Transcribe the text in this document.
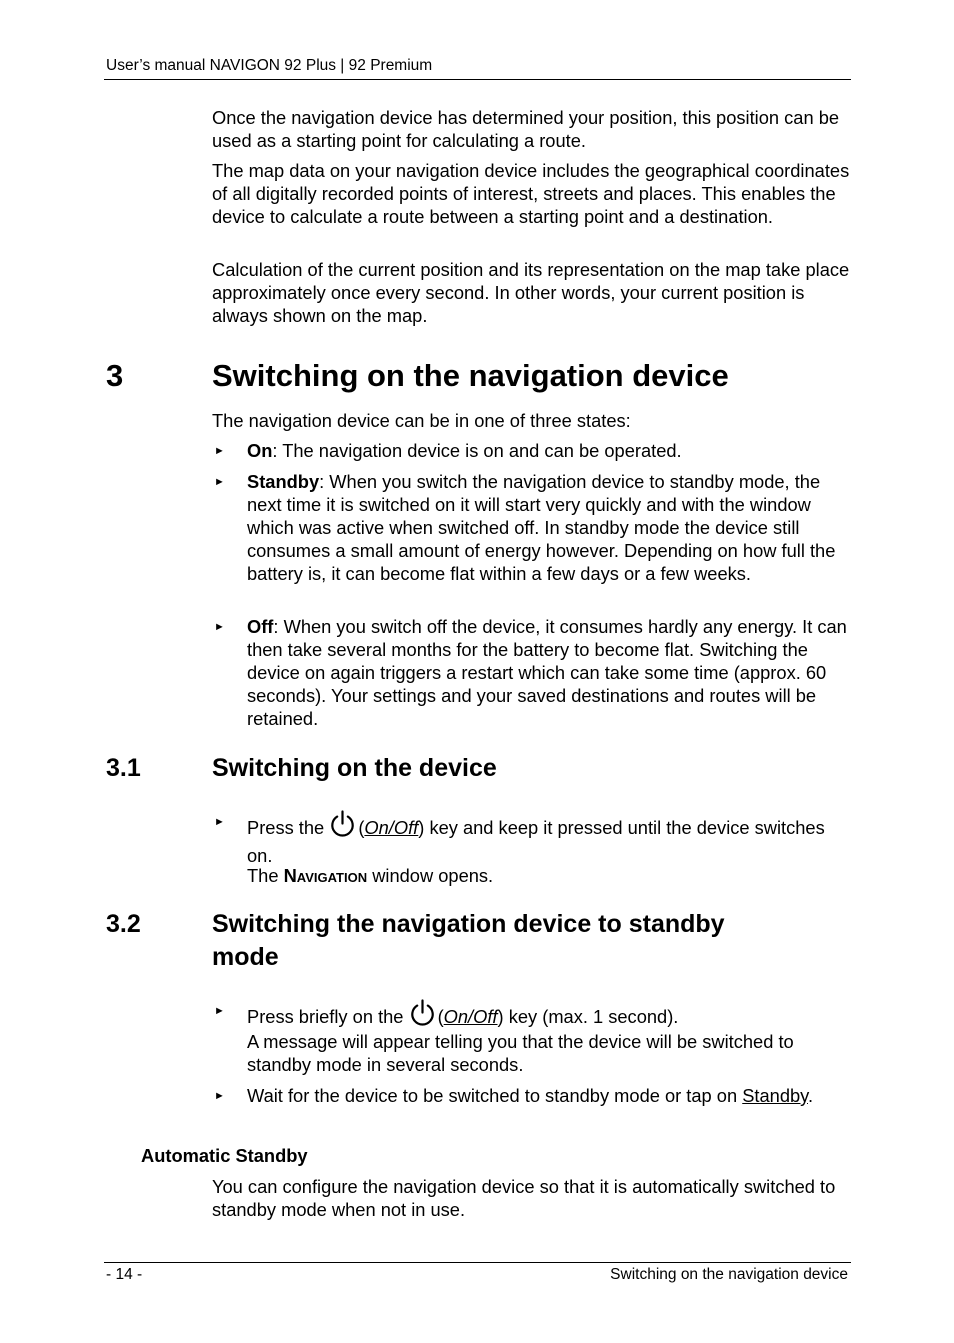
User’s manual NAVIGON 92 Plus | 92 Premium

Once the navigation device has determined your position, this position can be used as a starting point for calculating a route.

The map data on your navigation device includes the geographical coordinates of all digitally recorded points of interest, streets and places. This enables the device to calculate a route between a starting point and a destination.

Calculation of the current position and its representation on the map take place approximately once every second. In other words, your current position is always shown on the map.

3	Switching on the navigation device

The navigation device can be in one of three states:

► On: The navigation device is on and can be operated.

► Standby: When you switch the navigation device to standby mode, the next time it is switched on it will start very quickly and with the window which was active when switched off. In standby mode the device still consumes a small amount of energy however. Depending on how full the battery is, it can become flat within a few days or a few weeks.

► Off: When you switch off the device, it consumes hardly any energy. It can then take several months for the battery to become flat. Switching the device on again triggers a restart which can take some time (approx. 60 seconds). Your settings and your saved destinations and routes will be retained.

3.1	Switching on the device
► Press the (On/Off) key and keep it pressed until the device switches on.

The Navigation window opens.

3.2	Switching the navigation device to standby
mode
► Press briefly on the (On/Off) key (max. 1 second).

A message will appear telling you that the device will be switched to standby mode in several seconds.

► Wait for the device to be switched to standby mode or tap on Standby.

Automatic Standby

You can configure the navigation device so that it is automatically switched to standby mode when not in use.

- 14 -	Switching on the navigation device
